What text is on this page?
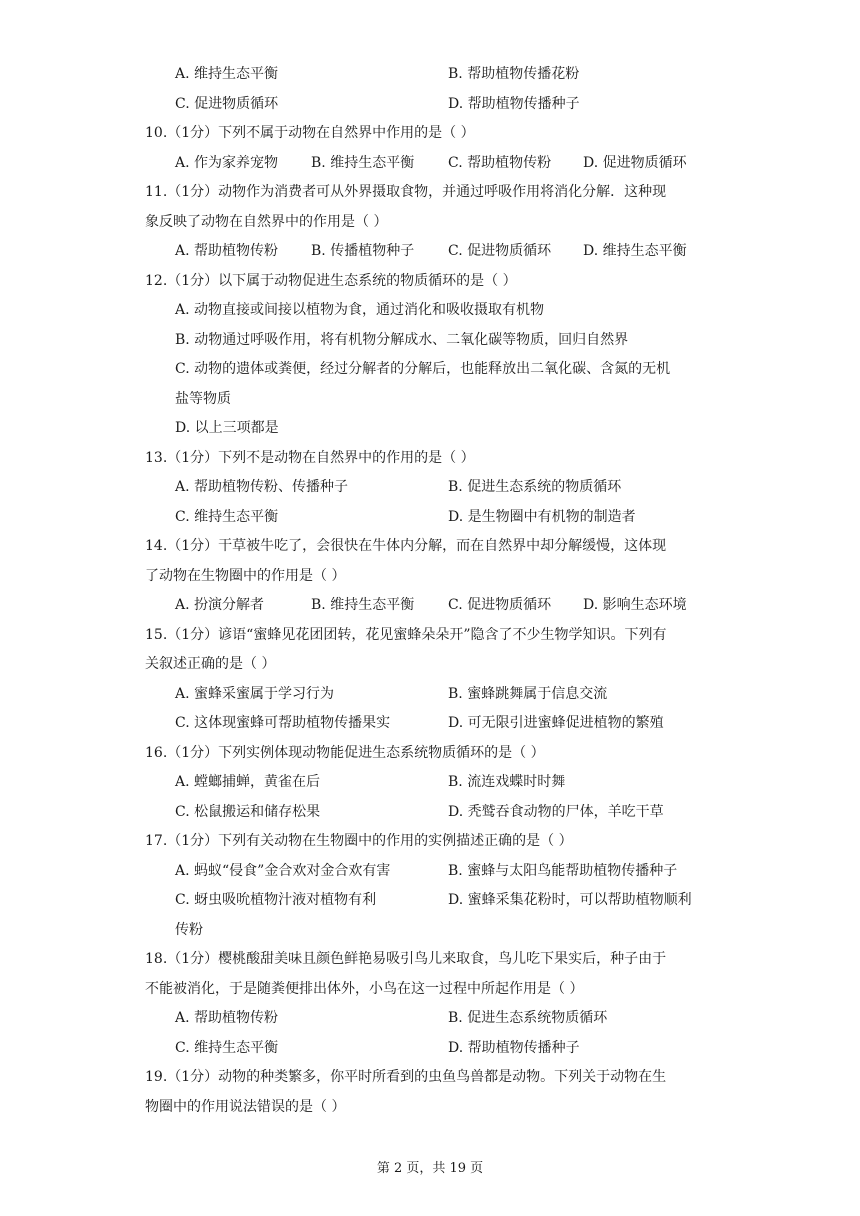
A. 维持生态平衡	B. 帮助植物传播花粉
C. 促进物质循环	D. 帮助植物传播种子
10.（1分）下列不属于动物在自然界中作用的是（ ）
A. 作为家养宠物 B. 维持生态平衡 C. 帮助植物传粉 D. 促进物质循环
11.（1分）动物作为消费者可从外界摄取食物，并通过呼吸作用将消化分解．这种现
象反映了动物在自然界中的作用是（ ）
A. 帮助植物传粉 B. 传播植物种子 C. 促进物质循环 D. 维持生态平衡
12.（1分）以下属于动物促进生态系统的物质循环的是（ ）
A. 动物直接或间接以植物为食，通过消化和吸收摄取有机物
B. 动物通过呼吸作用，将有机物分解成水、二氧化碳等物质，回归自然界
C. 动物的遗体或粪便，经过分解者的分解后，也能释放出二氧化碳、含氮的无机
盐等物质
D. 以上三项都是
13.（1分）下列不是动物在自然界中的作用的是（ ）
A. 帮助植物传粉、传播种子	B. 促进生态系统的物质循环
C. 维持生态平衡	D. 是生物圈中有机物的制造者
14.（1分）干草被牛吃了，会很快在牛体内分解，而在自然界中却分解缓慢，这体现
了动物在生物圈中的作用是（ ）
A. 扮演分解者	B. 维持生态平衡 C. 促进物质循环 D. 影响生态环境
15.（1分）谚语“蜜蜂见花团团转，花见蜜蜂朵朵开”隐含了不少生物学知识。下列有
关叙述正确的是（ ）
A. 蜜蜂采蜜属于学习行为	B. 蜜蜂跳舞属于信息交流
C. 这体现蜜蜂可帮助植物传播果实	D. 可无限引进蜜蜂促进植物的繁殖
16.（1分）下列实例体现动物能促进生态系统物质循环的是（ ）
A. 螳螂捕蝉，黄雀在后	B. 流连戏蝶时时舞
C. 松鼠搬运和储存松果	D. 秃鹫吞食动物的尸体，羊吃干草
17.（1分）下列有关动物在生物圈中的作用的实例描述正确的是（ ）
A. 蚂蚁“侵食”金合欢对金合欢有害	B. 蜜蜂与太阳鸟能帮助植物传播种子
C. 蚜虫吸吮植物汁液对植物有利	D. 蜜蜂采集花粉时，可以帮助植物顺利
传粉
18.（1分）樱桃酸甜美味且颜色鲜艳易吸引鸟儿来取食，鸟儿吃下果实后，种子由于
不能被消化，于是随粪便排出体外，小鸟在这一过程中所起作用是（ ）
A. 帮助植物传粉	B. 促进生态系统物质循环
C. 维持生态平衡	D. 帮助植物传播种子
19.（1分）动物的种类繁多，你平时所看到的虫鱼鸟兽都是动物。下列关于动物在生
物圈中的作用说法错误的是（ ）
第 2 页，共 19 页
